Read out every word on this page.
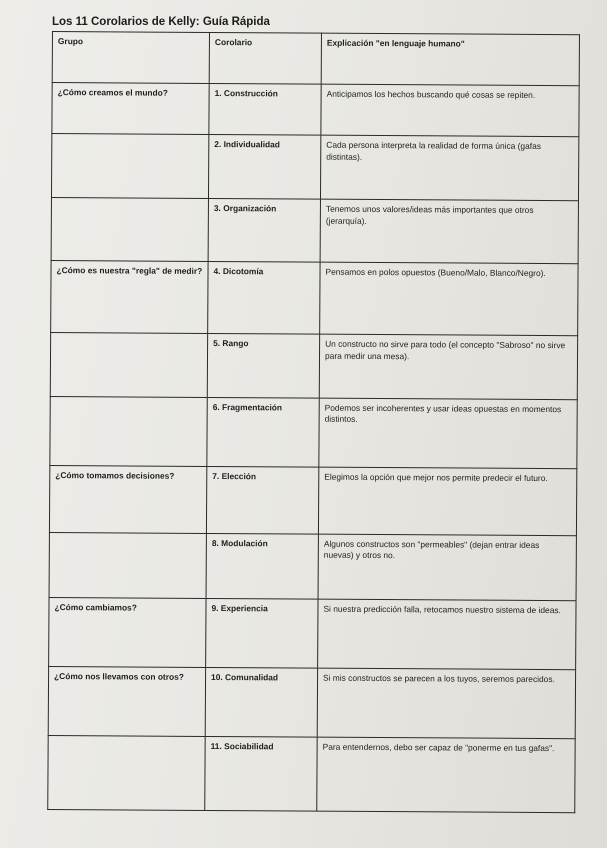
Los 11 Corolarios de Kelly: Guía Rápida
Grupo	Corolario	Explicación "en lenguaje humano"
¿Cómo creamos el mundo?	1. Construcción	Anticipamos los hechos buscando qué cosas se repiten.
	2. Individualidad	Cada persona interpreta la realidad de forma única (gafas distintas).
	3. Organización	Tenemos unos valores/ideas más importantes que otros (jerarquía).
¿Cómo es nuestra "regla" de medir?	4. Dicotomía	Pensamos en polos opuestos (Bueno/Malo, Blanco/Negro).
	5. Rango	Un constructo no sirve para todo (el concepto "Sabroso" no sirve para medir una mesa).
	6. Fragmentación	Podemos ser incoherentes y usar ideas opuestas en momentos distintos.
¿Cómo tomamos decisiones?	7. Elección	Elegimos la opción que mejor nos permite predecir el futuro.
	8. Modulación	Algunos constructos son "permeables" (dejan entrar ideas nuevas) y otros no.
¿Cómo cambiamos?	9. Experiencia	Si nuestra predicción falla, retocamos nuestro sistema de ideas.
¿Cómo nos llevamos con otros?	10. Comunalidad	Si mis constructos se parecen a los tuyos, seremos parecidos.
	11. Sociabilidad	Para entendernos, debo ser capaz de "ponerme en tus gafas".
